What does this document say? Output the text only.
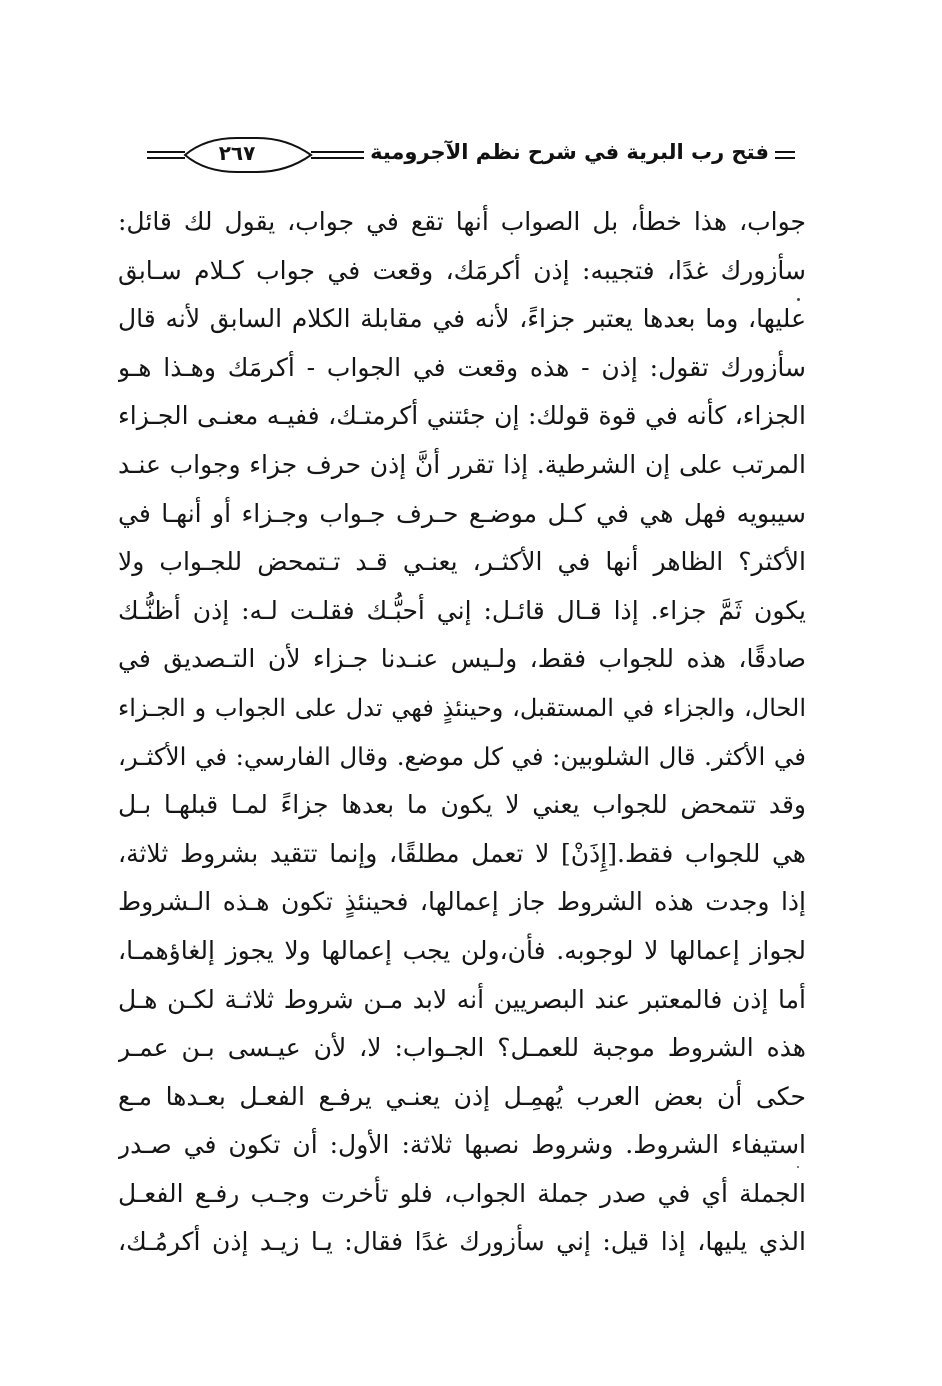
فتح رب البرية في شرح نظم الآجرومية
٢٦٧
جواب، هذا خطأ، بل الصواب أنها تقع في جواب، يقول لك قائل:
سأزورك غدًا، فتجيبه: إذن أكرمَك، وقعت في جواب كـلام سـابق
عليها، وما بعدها يعتبر جزاءً، لأنه في مقابلة الكلام السابق لأنه قال
سأزورك تقول: إذن - هذه وقعت في الجواب - أكرمَك وهـذا هـو
الجزاء، كأنه في قوة قولك: إن جئتني أكرمتـك، ففيـه معنـى الجـزاء
المرتب على إن الشرطية. إذا تقرر أنَّ إذن حرف جزاء وجواب عنـد
سيبويه فهل هي في كـل موضـع حـرف جـواب وجـزاء أو أنهـا في
الأكثر؟ الظاهر أنها في الأكثـر، يعنـي قـد تـتمحض للجـواب ولا
يكون ثَمَّ جزاء. إذا قـال قائـل: إني أحبُّـك فقلـت لـه: إذن أظنُّـك
صادقًا، هذه للجواب فقط، ولـيس عنـدنا جـزاء لأن التـصديق في
الحال، والجزاء في المستقبل، وحينئذٍ فهي تدل على الجواب و الجـزاء
في الأكثر. قال الشلوبين: في كل موضع. وقال الفارسي: في الأكثـر،
وقد تتمحض للجواب يعني لا يكون ما بعدها جزاءً لمـا قبلهـا بـل
هي للجواب فقط.[إِذَنْ] لا تعمل مطلقًا، وإنما تتقيد بشروط ثلاثة،
إذا وجدت هذه الشروط جاز إعمالها، فحينئذٍ تكون هـذه الـشروط
لجواز إعمالها لا لوجوبه. فأن،ولن يجب إعمالها ولا يجوز إلغاؤهمـا،
أما إذن فالمعتبر عند البصريين أنه لابد مـن شروط ثلاثـة لكـن هـل
هذه الشروط موجبة للعمـل؟ الجـواب: لا، لأن عيـسى بـن عمـر
حكى أن بعض العرب يُهمِـل إذن يعنـي يرفـع الفعـل بعـدها مـع
استيفاء الشروط. وشروط نصبها ثلاثة: الأول: أن تكون في صـدر
الجملة أي في صدر جملة الجواب، فلو تأخرت وجـب رفـع الفعـل
الذي يليها، إذا قيل: إني سأزورك غدًا فقال: يـا زيـد إذن أكرمُـك،
